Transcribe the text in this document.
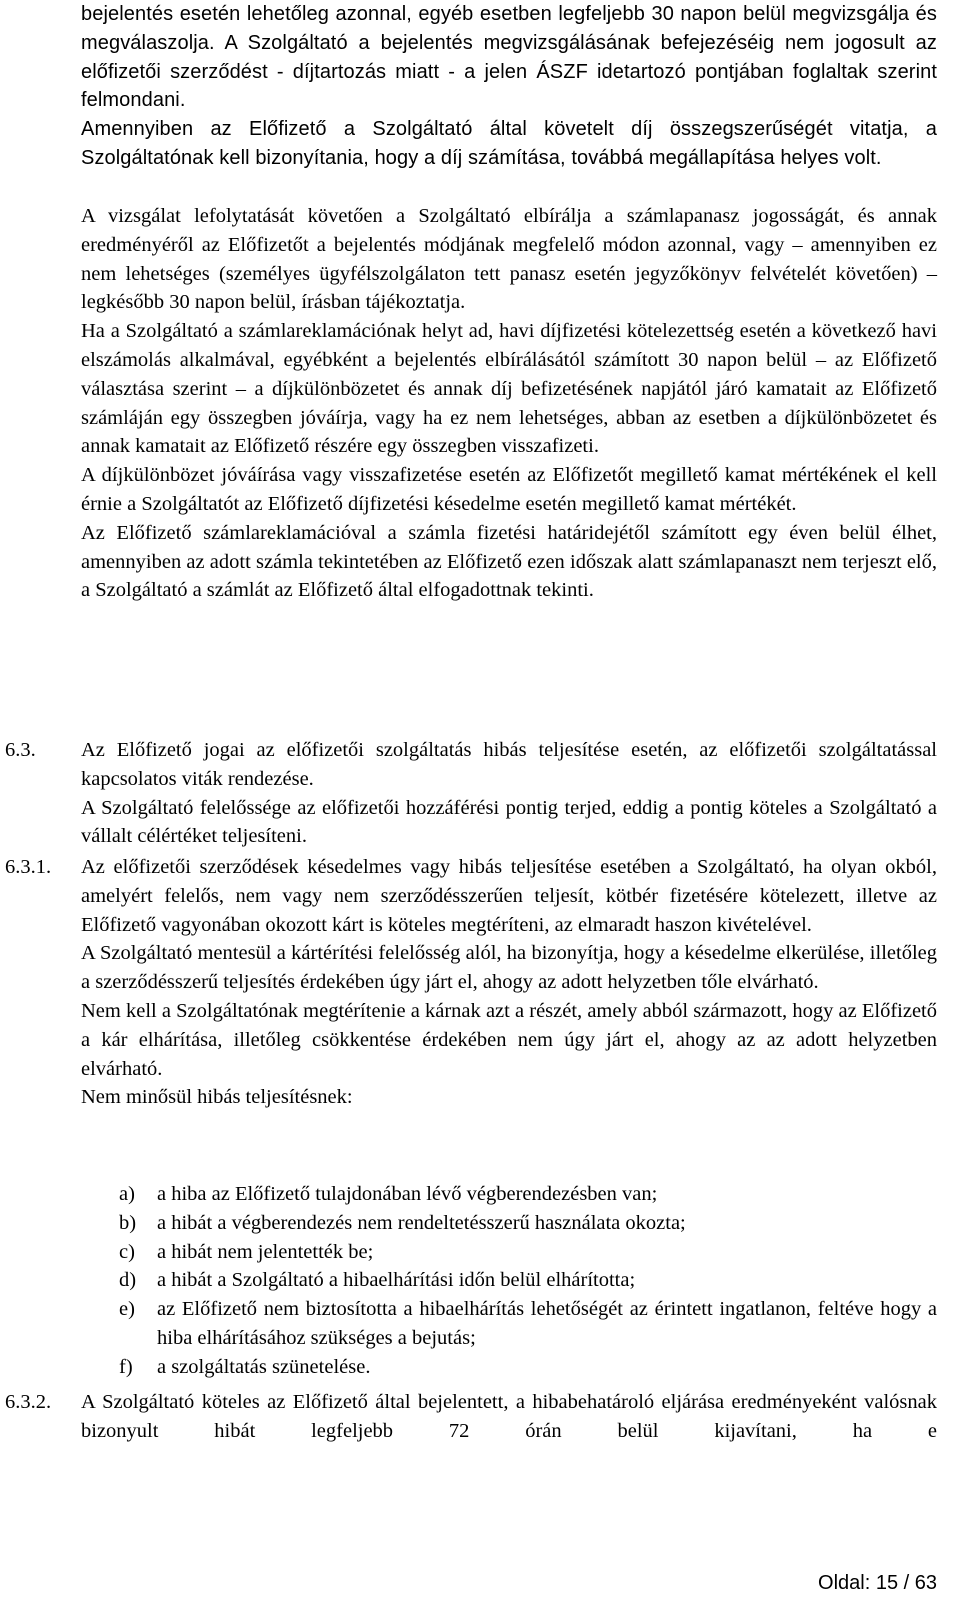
bejelentés esetén lehetőleg azonnal, egyéb esetben legfeljebb 30 napon belül megvizsgálja és megválaszolja. A Szolgáltató a bejelentés megvizsgálásának befejezéséig nem jogosult az előfizetői szerződést - díjtartozás miatt - a jelen ÁSZF idetartozó pontjában foglaltak szerint felmondani.

Amennyiben az Előfizető a Szolgáltató által követelt díj összegszerűségét vitatja, a Szolgáltatónak kell bizonyítania, hogy a díj számítása, továbbá megállapítása helyes volt.

A vizsgálat lefolytatását követően a Szolgáltató elbírálja a számlapanasz jogosságát, és annak eredményéről az Előfizetőt a bejelentés módjának megfelelő módon azonnal, vagy – amennyiben ez nem lehetséges (személyes ügyfélszolgálaton tett panasz esetén jegyzőkönyv felvételét követően) – legkésőbb 30 napon belül, írásban tájékoztatja.

Ha a Szolgáltató a számlareklamációnak helyt ad, havi díjfizetési kötelezettség esetén a következő havi elszámolás alkalmával, egyébként a bejelentés elbírálásától számított 30 napon belül – az Előfizető választása szerint – a díjkülönbözetet és annak díj befizetésének napjától járó kamatait az Előfizető számláján egy összegben jóváírja, vagy ha ez nem lehetséges, abban az esetben a díjkülönbözetet és annak kamatait az Előfizető részére egy összegben visszafizeti.

A díjkülönbözet jóváírása vagy visszafizetése esetén az Előfizetőt megillető kamat mértékének el kell érnie a Szolgáltatót az Előfizető díjfizetési késedelme esetén megillető kamat mértékét.

Az Előfizető számlareklamációval a számla fizetési határidejétől számított egy éven belül élhet, amennyiben az adott számla tekintetében az Előfizető ezen időszak alatt számlapanaszt nem terjeszt elő, a Szolgáltató a számlát az Előfizető által elfogadottnak tekinti.

6.3. Az Előfizető jogai az előfizetői szolgáltatás hibás teljesítése esetén, az előfizetői szolgáltatással kapcsolatos viták rendezése.

A Szolgáltató felelőssége az előfizetői hozzáférési pontig terjed, eddig a pontig köteles a Szolgáltató a vállalt célértéket teljesíteni.

6.3.1. Az előfizetői szerződések késedelmes vagy hibás teljesítése esetében a Szolgáltató, ha olyan okból, amelyért felelős, nem vagy nem szerződésszerűen teljesít, kötbér fizetésére kötelezett, illetve az Előfizető vagyonában okozott kárt is köteles megtéríteni, az elmaradt haszon kivételével.

A Szolgáltató mentesül a kártérítési felelősség alól, ha bizonyítja, hogy a késedelme elkerülése, illetőleg a szerződésszerű teljesítés érdekében úgy járt el, ahogy az adott helyzetben tőle elvárható.

Nem kell a Szolgáltatónak megtérítenie a kárnak azt a részét, amely abból származott, hogy az Előfizető a kár elhárítása, illetőleg csökkentése érdekében nem úgy járt el, ahogy az az adott helyzetben elvárható.

Nem minősül hibás teljesítésnek:

a) a hiba az Előfizető tulajdonában lévő végberendezésben van;
b) a hibát a végberendezés nem rendeltetésszerű használata okozta;
c) a hibát nem jelentették be;
d) a hibát a Szolgáltató a hibaelhárítási időn belül elhárította;
e) az Előfizető nem biztosította a hibaelhárítás lehetőségét az érintett ingatlanon, feltéve hogy a hiba elhárításához szükséges a bejutás;
f) a szolgáltatás szünetelése.
6.3.2. A Szolgáltató köteles az Előfizető által bejelentett, a hibabehatároló eljárása eredményeként valósnak bizonyult hibát legfeljebb 72 órán belül kijavítani, ha e

Oldal: 15 / 63
